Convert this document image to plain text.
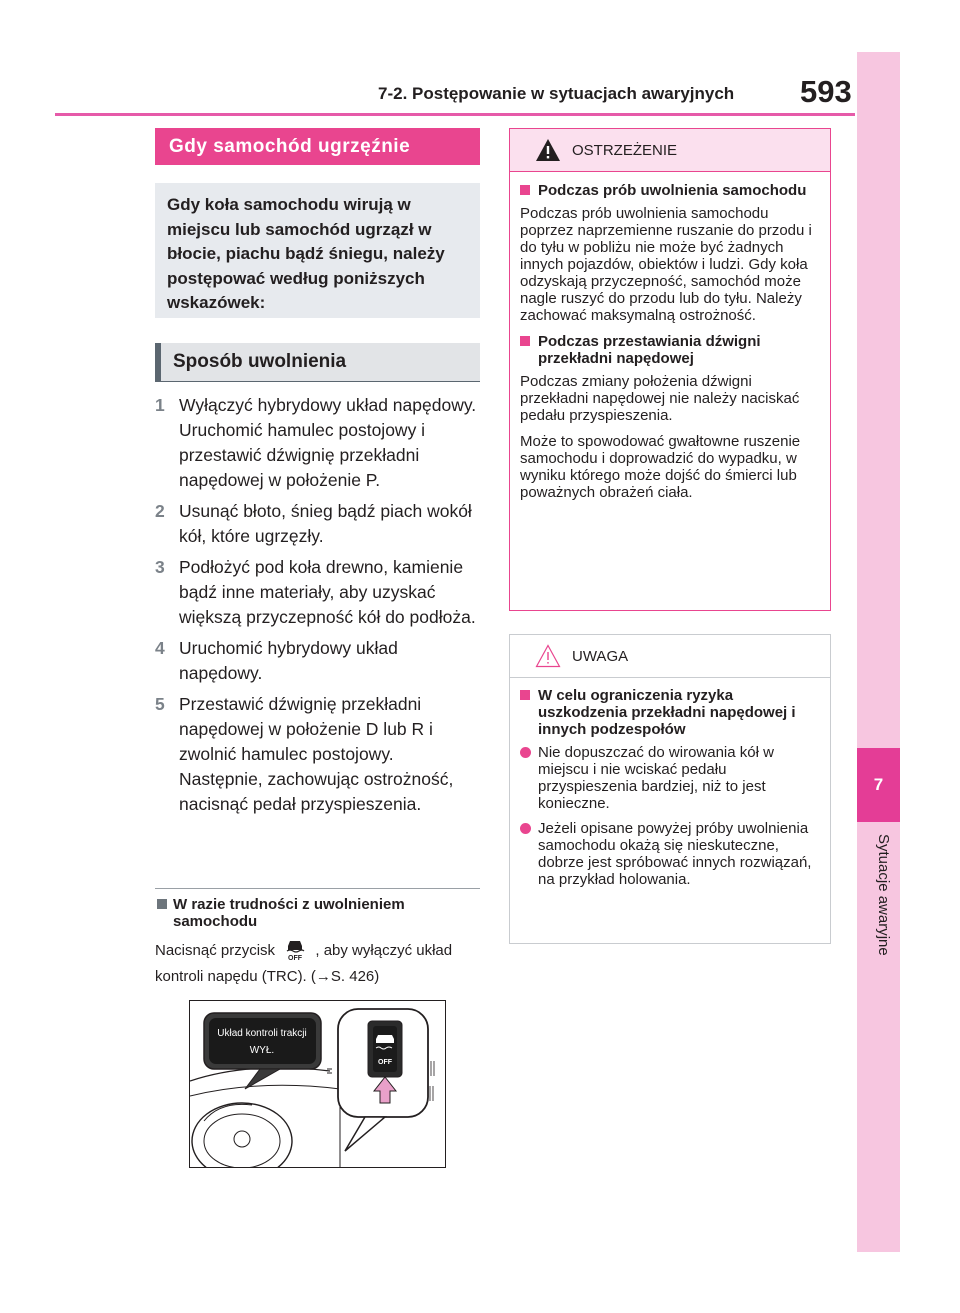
7-2. Postępowanie w sytuacjach awaryjnych 593
7
Sytuacje awaryjne
Gdy samochód ugrzęźnie
Gdy koła samochodu wirują w miejscu lub samochód ugrzązł w błocie, piachu bądź śniegu, należy postępować według poniższych wskazówek:
Sposób uwolnienia
1 Wyłączyć hybrydowy układ napędowy. Uruchomić hamulec postojowy i przestawić dźwignię przekładni napędowej w położenie P.
2 Usunąć błoto, śnieg bądź piach wokół kół, które ugrzęzły.
3 Podłożyć pod koła drewno, kamienie bądź inne materiały, aby uzyskać większą przyczepność kół do podłoża.
4 Uruchomić hybrydowy układ napędowy.
5 Przestawić dźwignię przekładni napędowej w położenie D lub R i zwolnić hamulec postojowy. Następnie, zachowując ostrożność, nacisnąć pedał przyspieszenia.
W razie trudności z uwolnieniem samochodu
Nacisnąć przycisk OFF , aby wyłączyć układ kontroli napędu (TRC). (→S. 426)
Układ kontroli trakcji
WYŁ.
OFF
OSTRZEŻENIE
Podczas prób uwolnienia samochodu

Podczas prób uwolnienia samochodu poprzez naprzemienne ruszanie do przodu i do tyłu w pobliżu nie może być żadnych innych pojazdów, obiektów i ludzi. Gdy koła odzyskają przyczepność, samochód może nagle ruszyć do przodu lub do tyłu. Należy zachować maksymalną ostrożność.

Podczas przestawiania dźwigni przekładni napędowej

Podczas zmiany położenia dźwigni przekładni napędowej nie należy naciskać pedału przyspieszenia.

Może to spowodować gwałtowne ruszenie samochodu i doprowadzić do wypadku, w wyniku którego może dojść do śmierci lub poważnych obrażeń ciała.

UWAGA
W celu ograniczenia ryzyka uszkodzenia przekładni napędowej i innych podzespołów
Nie dopuszczać do wirowania kół w miejscu i nie wciskać pedału przyspieszenia bardziej, niż to jest konieczne.
Jeżeli opisane powyżej próby uwolnienia samochodu okażą się nieskuteczne, dobrze jest spróbować innych rozwiązań, na przykład holowania.
